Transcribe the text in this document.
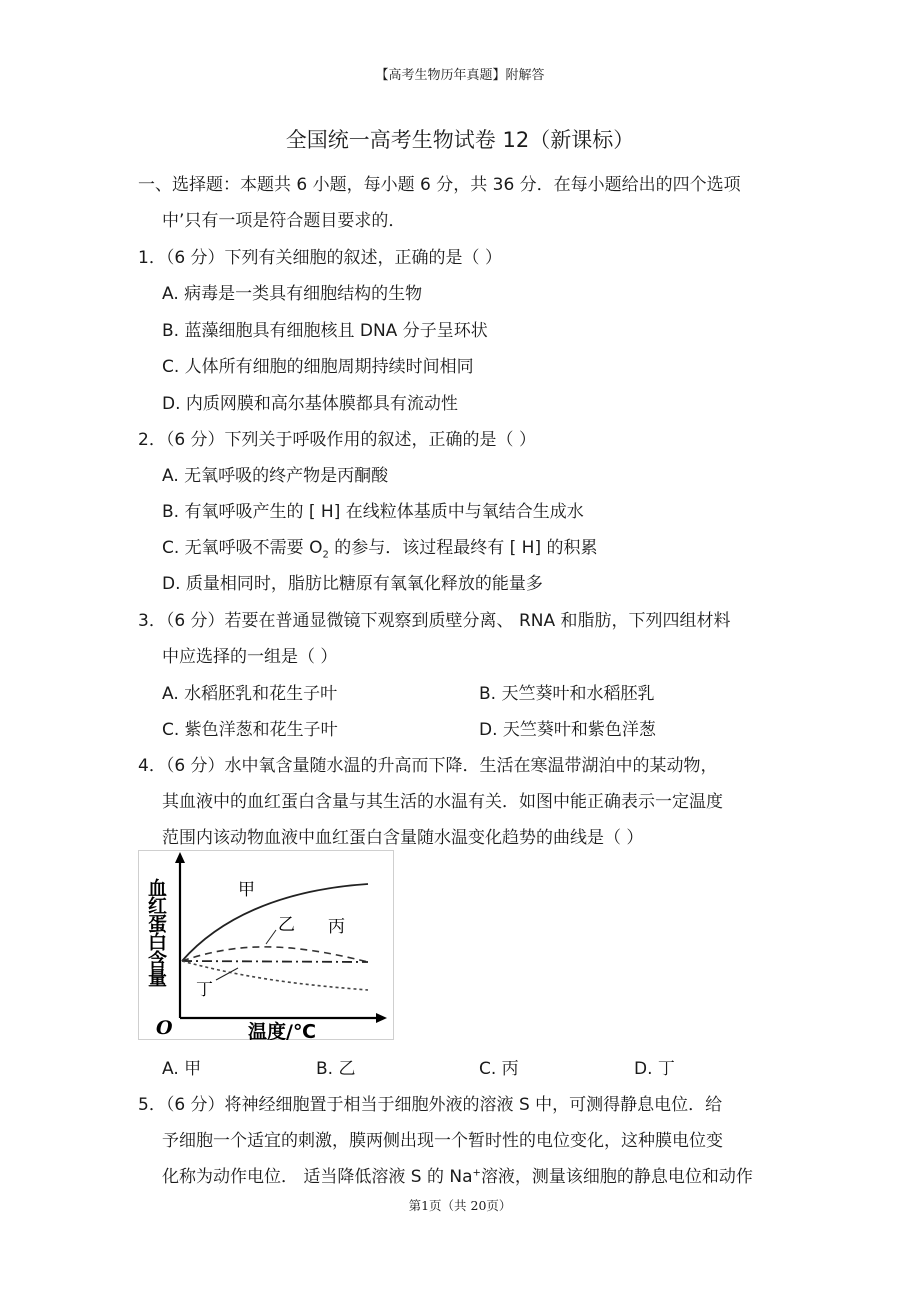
【高考生物历年真题】附解答
全国统一高考生物试卷 12（新课标）
一、选择题：本题共 6 小题，每小题 6 分，共 36 分．在每小题给出的四个选项
中’只有一项是符合题目要求的．
1．（6 分）下列有关细胞的叙述，正确的是（ ）
A. 病毒是一类具有细胞结构的生物
B. 蓝藻细胞具有细胞核且 DNA 分子呈环状
C. 人体所有细胞的细胞周期持续时间相同
D. 内质网膜和高尔基体膜都具有流动性
2．（6 分）下列关于呼吸作用的叙述，正确的是（ ）
A. 无氧呼吸的终产物是丙酮酸
B. 有氧呼吸产生的 [ H] 在线粒体基质中与氧结合生成水
C. 无氧呼吸不需要 $O_2$ 的参与．该过程最终有 [ H] 的积累
D. 质量相同时，脂肪比糖原有氧氧化释放的能量多
3．（6 分）若要在普通显微镜下观察到质壁分离、 RNA 和脂肪，下列四组材料
中应选择的一组是（ ）
A. 水稻胚乳和花生子叶	B. 天竺葵叶和水稻胚乳
C. 紫色洋葱和花生子叶	D. 天竺葵叶和紫色洋葱
4．（6 分）水中氧含量随水温的升高而下降．生活在寒温带湖泊中的某动物，
其血液中的血红蛋白含量与其生活的水温有关．如图中能正确表示一定温度
范围内该动物血液中血红蛋白含量随水温变化趋势的曲线是（ ）
血红蛋白含量
O	温度/℃
甲
乙 丙
丁
A. 甲	B. 乙	C. 丙	D. 丁
5．（6 分）将神经细胞置于相当于细胞外液的溶液 S 中，可测得静息电位．给
予细胞一个适宜的刺激，膜两侧出现一个暂时性的电位变化，这种膜电位变
化称为动作电位． 适当降低溶液 S 的 Na+溶液，测量该细胞的静息电位和动作
第1页（共 20页）
